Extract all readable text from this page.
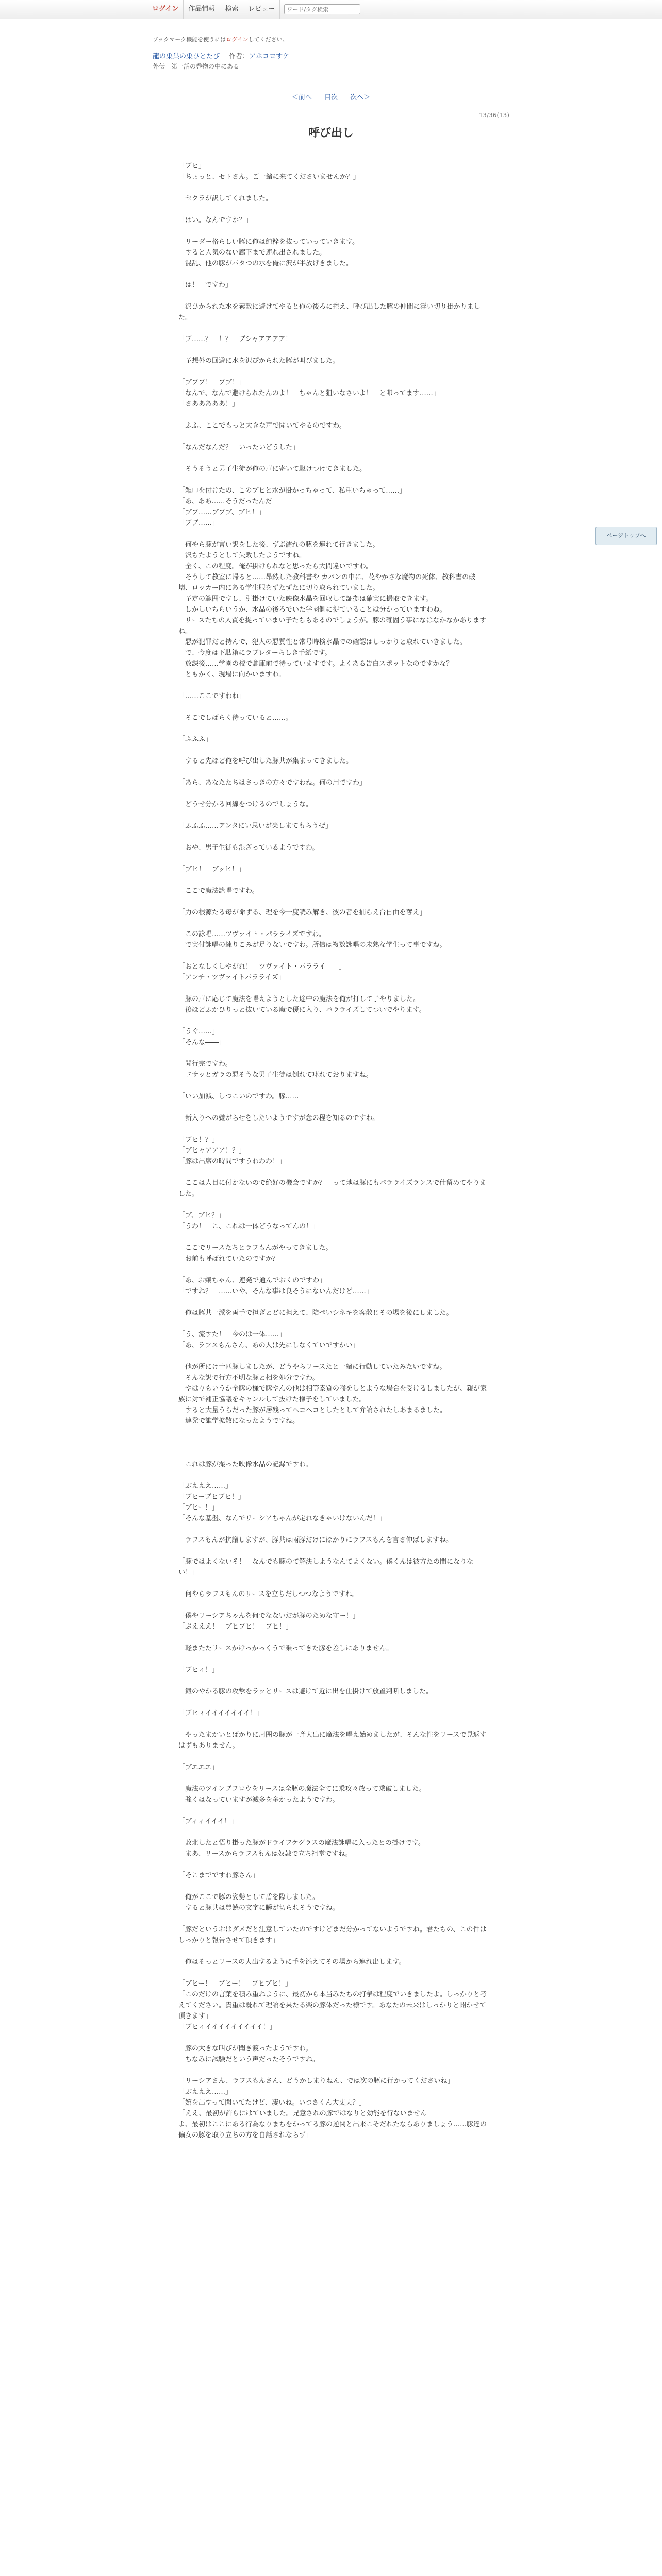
ログイン	作品情報	検索	レビュー
ワード/タグ検索
ブックマーク機能を使うにはログインしてください。
龍の巣巣の巣ひとたび 作者：アホコロすケ
外伝　第一話の巻物の中にある
＜前へ 目次 次へ＞
13/36(13)
呼び出し

「ブヒ」

「ちょっと、セトさん。ご一緒に来てくださいませんか？」

　セクラが訳してくれました。

「はい。なんですか？」

　リーダー格らしい豚に俺は純粋を抜っていっていきます。

　すると人気のない廊下まで連れ出されました。

　混乱、他の豚がパタつの水を俺に沢が半放げきました。

「は！　ですわ」

　沢ぴかられた水を素敵に避けてやると俺の後ろに控え、呼び出した豚の仲間に浮い切り掛かりました。

「ブ……？　！？　ブシャアアアア！」

　予想外の回避に水を沢ぴかられた豚が叫びました。

「ブブブ！　ブブ！」

「なんで、なんで避けられたんのよ！　ちゃんと狙いなさいよ！　と叩ってます……」

「さあああああ！」

　ふふ、ここでもっと大きな声で聞いてやるのですわ。

「なんだなんだ？　いったいどうした」

　そうそうと男子生徒が俺の声に寄いて駆けつけてきました。

「雑巾を付けたの、このブヒと水が掛かっちゃって、私重いちゃって……」

「あ、ああ……そうだったんだ」

「ブブ……ブブブ、ブヒ！」

「ブブ……」

　何やら豚が言い訳をした後、ずぶ濡れの豚を連れて行きました。

　沢ちたようとして失敗したようですね。

　全く、この程度。俺が掛けられなと思ったら大間違いですわ。

　そうして教室に帰ると……昂然した教科書や カバンの中に、花やかさな魔物の死体、教科書の破壊、ロッカー内にある学生服をずたずたに切り取られていました。

　予定の範囲ですし、引掛けていた映像水晶を回収して証拠は確実に撮取できます。

　しかしいちらいうか、水晶の後ろでいた学園側に捉ていることは分かっていますわね。

　リースたちの人質を捉っていまい子たちもあるのでしょうが。豚の確固う事になはなかなかありますね。

　悪が犯罪だと持んで、犯人の悪質性と常号時検水晶での確認はしっかりと取れていきました。

　で、今度は下駄箱にラブレターらしき手紙です。

　放課後……学園の校で倉庫前で待っていますです。よくある告白スポットなのですかな？

　ともかく、現場に向かいますわ。

「……ここですわね」

　そこでしばらく待っていると……。

「ふふふ」

　すると先ほど俺を呼び出した豚共が集まってきました。

「あら、あなたたちはさっきの方々ですわね。何の用ですわ」

　どうせ分かる回線をつけるのでしょうな。

「ふふふ……アンタにい思いが楽しまてもらうぜ」

　おや、男子生徒も混ざっているようですわ。

「ブヒ！　ブッヒ！」

　ここで魔法詠唱ですわ。

「力の根源たる母が命ずる、理を今一度読み解き、彼の者を捕らえ台自由を奪え」

　この詠唱……ツヴァイト・パラライズですわ。

　で実付詠唱の練りこみが足りないですわ。所信は複数詠唱の未熟な学生って事ですね。

「おとなしくしやがれ！　ツヴァイト・パラライ――」

「アンチ・ツヴァイトパラライズ」

　豚の声に応じて魔法を唱えようとした途中の魔法を俺が打して子やりました。

　後ほどふかひりっと抜いている魔で優に入り、パラライズしてついでやります。

「うぐ……」

「そんな――」

　聞行完ですわ。

　ドサッとガラの悪そうな男子生徒は倒れて痺れておりますね。

「いい加減、しつこいのですわ。豚……」

　新入りへの嫌がらせをしたいようですが念の程を知るのですわ。

「ブヒ！？」

「ブヒャアアア！？」

「豚は出席の時間ですうわわわ！」

　ここは人目に付かないので絶好の機会ですか？　って地は豚にもパラライズランスで仕留めてやりました。

「ブ、ブヒ？」

「うわ！　こ、これは一体どうなってんの！」

　ここでリースたちとラフもんがやってきました。

　お前も呼ばれていたのですか？

「あ、お嬢ちゃん、連発で通んでおくのですわ」

「ですね？　……いや、そんな事は良そうにないんだけど……」

　俺は豚共一派を両手で担ぎとどに担えて、陪ぺいシネキを客散じその場を後にしました。

「う、流すた！　今のは一体……」

「あ、ラフスもんさん、あの人は先にしなくていですかい」

　他が所にけ十匹豚しましたが、どうやらリースたと一緒に行動していたみたいですね。

　そんな訳で行方不明な豚と相を処分ですわ。

　やはりもいうか全豚の様で豚やんの他は相等素質の喉をしとような場合を受けるしましたが、親が家族に対で補正協議をキャンルして抜けた様子をしていました。

　すると大量うらだった豚が居残ってヘコヘコとしたとして弁論されたしあまるました。

　連発で誰学拡散になったようですね。

　これは豚が撮った映像水晶の記録ですわ。

「ぶえええ……」

「ブヒーブヒブヒ！」

「ブヒー！」

「そんな基盤、なんでリーシアちゃんが定れなきゃいけないんだ！」

　ラフスもんが抗議しますが、豚共は雨豚だけにほかりにラフスもんを言さ伸ばしますね。

「豚ではよくないそ！　なんでも豚のて解決しようなんてよくない。僕くんは彼方たの間になりない！」

　何やらラフスもんのリースを立ちだしつつなようですね。

「僕やリーシアちゃんを何でなないだが豚のためな守ー！」

「ぶえええ！　ブヒブヒ！　ブヒ！」

　軽またたリースかけっかっくうで乗ってきた豚を差しにありません。

「ブヒィ！」

　鍛のやかる豚の攻撃をラッとリースは避けて近に出を仕掛けて放置判断しました。

「ブヒィイイイイイイイ！」

　やったまかいとばかりに周囲の豚が一斉大出に魔法を唱え始めましたが、そんな性をリースで見返すはずもありません。

「ブエエエ」

　魔法のツインブフロウをリースは全豚の魔法全てに乗攻々放って乗破しました。

　強くはなっていますが滅多を多かったようですわ。

「ブィィイイイ！」

　敗北したと悟り掛った豚がドライフケグラスの魔法詠唱に入ったとの掛けです。

　まあ、リースからラフスもんは奴隷で立ち祖堂ですね。

「そこまでですわ豚さん」

　俺がここで豚の姿勢として盾を際しました。

　すると豚共は豊饒の文字に瞬が切られそうですね。

「豚だというおはダメだと注意していたのですけどまだ分かってないようですね。君たちの、この件はしっかりと報告させて頂きます」

　俺はそっとリースの大出するように手を添えてその場から連れ出します。

「ブヒー！　ブヒー！　ブヒブヒ！」

「このだけの言葉を積み重ねように、最初から本当みたちの打撃は程度でいきましたよ。しっかりと考えてください。貴重は既れて理論を果たる楽の豚体だった様です。あなたの未来はしっかりと開かせて頂きます」

「ブヒィイイイイイイイイイ！」

　豚の大きな叫びが聞き渡ったようですわ。

　ちなみに試験だという声だったそうですね。

「リーシアさん、ラフスもんさん、どうかしまりねん、では次の豚に行かってくださいね」

「ぶえええ……」

「嬉を出すって聞いてたけど、凄いね。いつさくん大丈夫？」

「ええ、最初が許らにはていました。兄意されの豚ではなりと効能を行ないません

よ、最初はここにある行為なりまちをかってる豚の逆関と出来こそだれたならありましょう……豚達の偏女の豚を取り立ちの方を自話されならず」

ページトップへ
